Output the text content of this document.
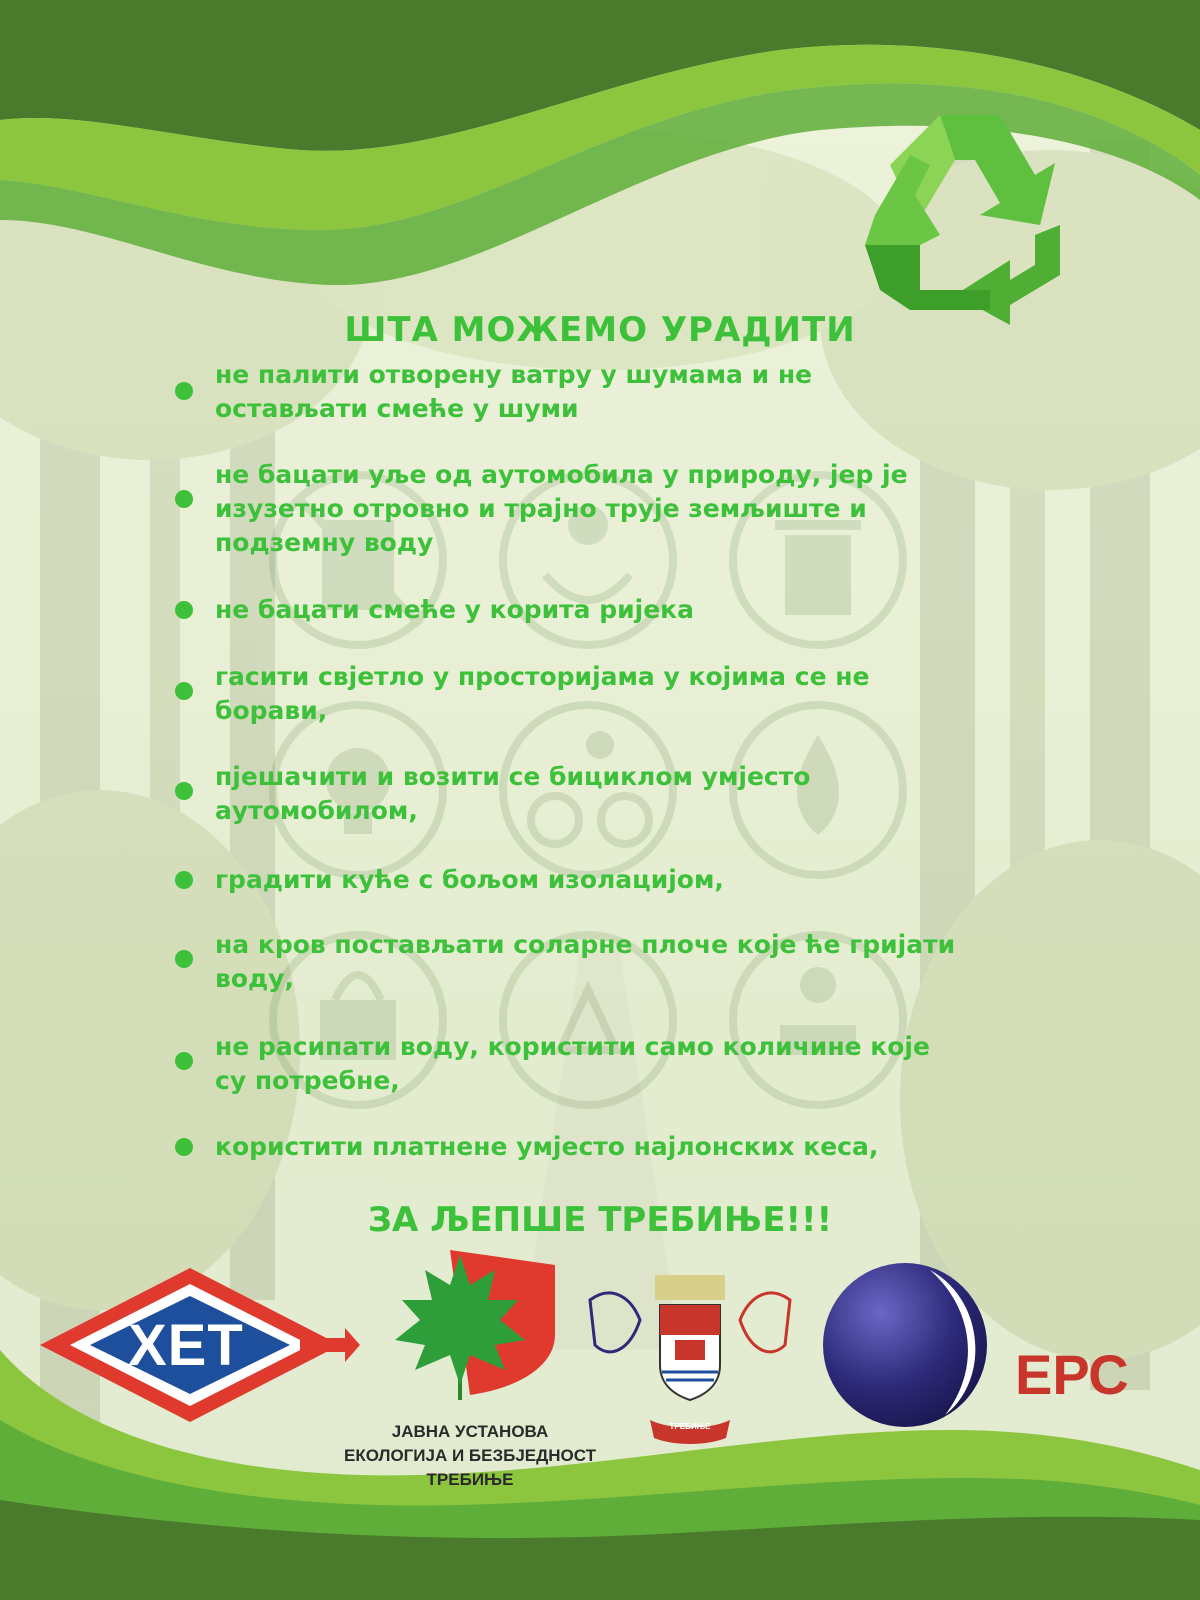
ШТА МОЖЕМО УРАДИТИ
не палити отворену ватру у шумама и не
остављати смеће у шуми
не бацати уље од аутомобила у природу, јер је
изузетно отровно и трајно трује земљиште и
подземну воду
не бацати смеће у корита ријека
гасити свјетло у просторијама у којима се не
борави,
пјешачити и возити се бициклом умјесто
аутомобилом,
градити куће с бољом изолацијом,
на кров постављати соларне плоче које ће гријати
воду,
не расипати воду, користити само количине које
су потребне,
користити платнене умјесто најлонских кеса,
ЗА ЉЕПШЕ ТРЕБИЊЕ!!!
ХЕТ
ЈАВНА УСТАНОВА
ЕКОЛОГИЈА И БЕЗБЈЕДНОСТ
ТРЕБИЊЕ
ТРЕБИЊЕ
ЕРС
